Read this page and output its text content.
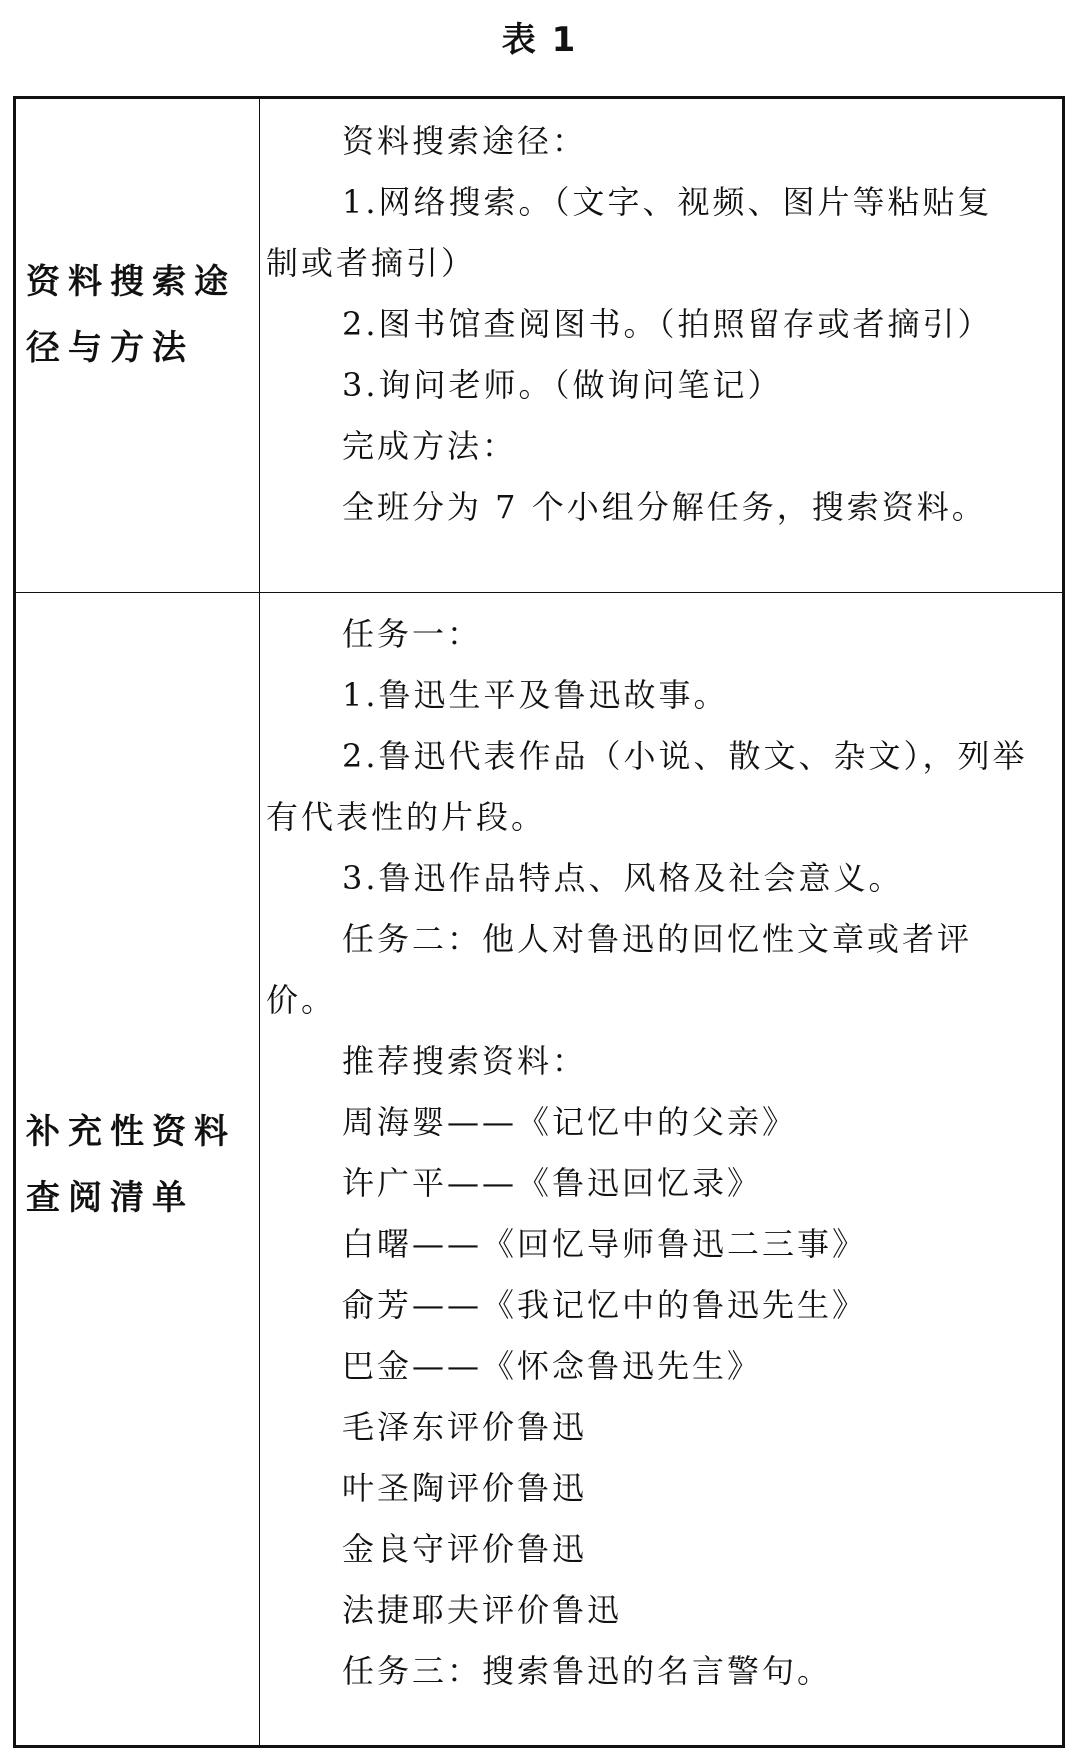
表 1
资料搜索途
径与方法
资料搜索途径：
1.网络搜索。（文字、视频、图片等粘贴复
制或者摘引）
2.图书馆查阅图书。（拍照留存或者摘引）
3.询问老师。（做询问笔记）
完成方法：
全班分为 7 个小组分解任务，搜索资料。
补充性资料
查阅清单
任务一：
1.鲁迅生平及鲁迅故事。
2.鲁迅代表作品（小说、散文、杂文），列举
有代表性的片段。
3.鲁迅作品特点、风格及社会意义。
任务二：他人对鲁迅的回忆性文章或者评
价。
推荐搜索资料：
周海婴——《记忆中的父亲》
许广平——《鲁迅回忆录》
白曙——《回忆导师鲁迅二三事》
俞芳——《我记忆中的鲁迅先生》
巴金——《怀念鲁迅先生》
毛泽东评价鲁迅
叶圣陶评价鲁迅
金良守评价鲁迅
法捷耶夫评价鲁迅
任务三：搜索鲁迅的名言警句。
